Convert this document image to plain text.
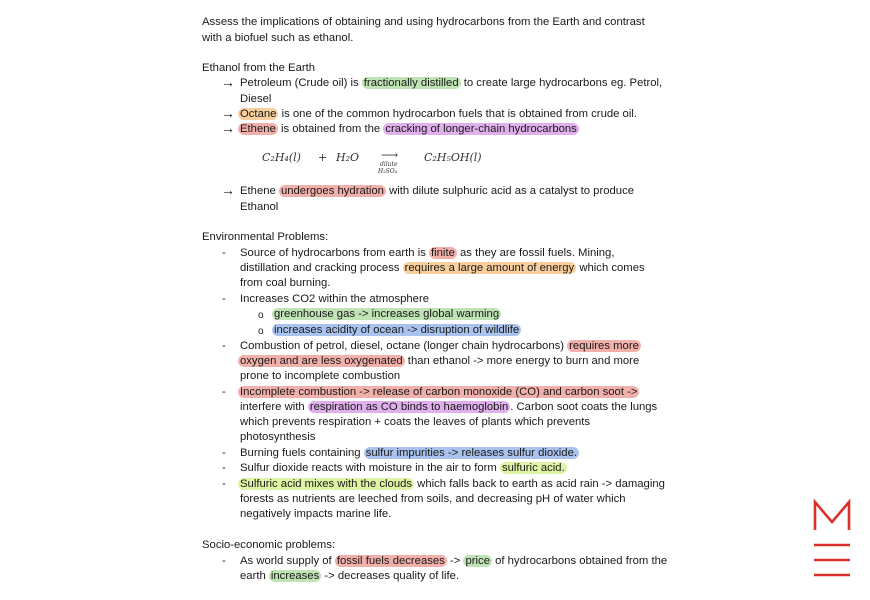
Assess the implications of obtaining and using hydrocarbons from the Earth and contrast
with a biofuel such as ethanol.
Ethanol from the Earth
→ Petroleum (Crude oil) is fractionally distilled to create large hydrocarbons eg. Petrol,
Diesel
→ Octane is one of the common hydrocarbon fuels that is obtained from crude oil.
→ Ethene is obtained from the cracking of longer-chain hydrocarbons
C₂H₄(l) + H₂O ⟶
dilute
H₂SO₄
C₂H₅OH(l)
→ Ethene undergoes hydration with dilute sulphuric acid as a catalyst to produce
Ethanol
Environmental Problems:
- Source of hydrocarbons from earth is finite as they are fossil fuels. Mining,
distillation and cracking process requires a large amount of energy which comes
from coal burning.
- Increases CO2 within the atmosphere
o greenhouse gas -> increases global warming
o increases acidity of ocean -> disruption of wildlife
- Combustion of petrol, diesel, octane (longer chain hydrocarbons) requires more
oxygen and are less oxygenated than ethanol -> more energy to burn and more
prone to incomplete combustion
- Incomplete combustion -> release of carbon monoxide (CO) and carbon soot ->
interfere with respiration as CO binds to haemoglobin . Carbon soot coats the lungs
which prevents respiration + coats the leaves of plants which prevents
photosynthesis
- Burning fuels containing sulfur impurities -> releases sulfur dioxide.
- Sulfur dioxide reacts with moisture in the air to form sulfuric acid.
- Sulfuric acid mixes with the clouds which falls back to earth as acid rain -> damaging
forests as nutrients are leeched from soils, and decreasing pH of water which
negatively impacts marine life.
Socio-economic problems:
- As world supply of fossil fuels decreases -> price of hydrocarbons obtained from the
earth increases -> decreases quality of life.
